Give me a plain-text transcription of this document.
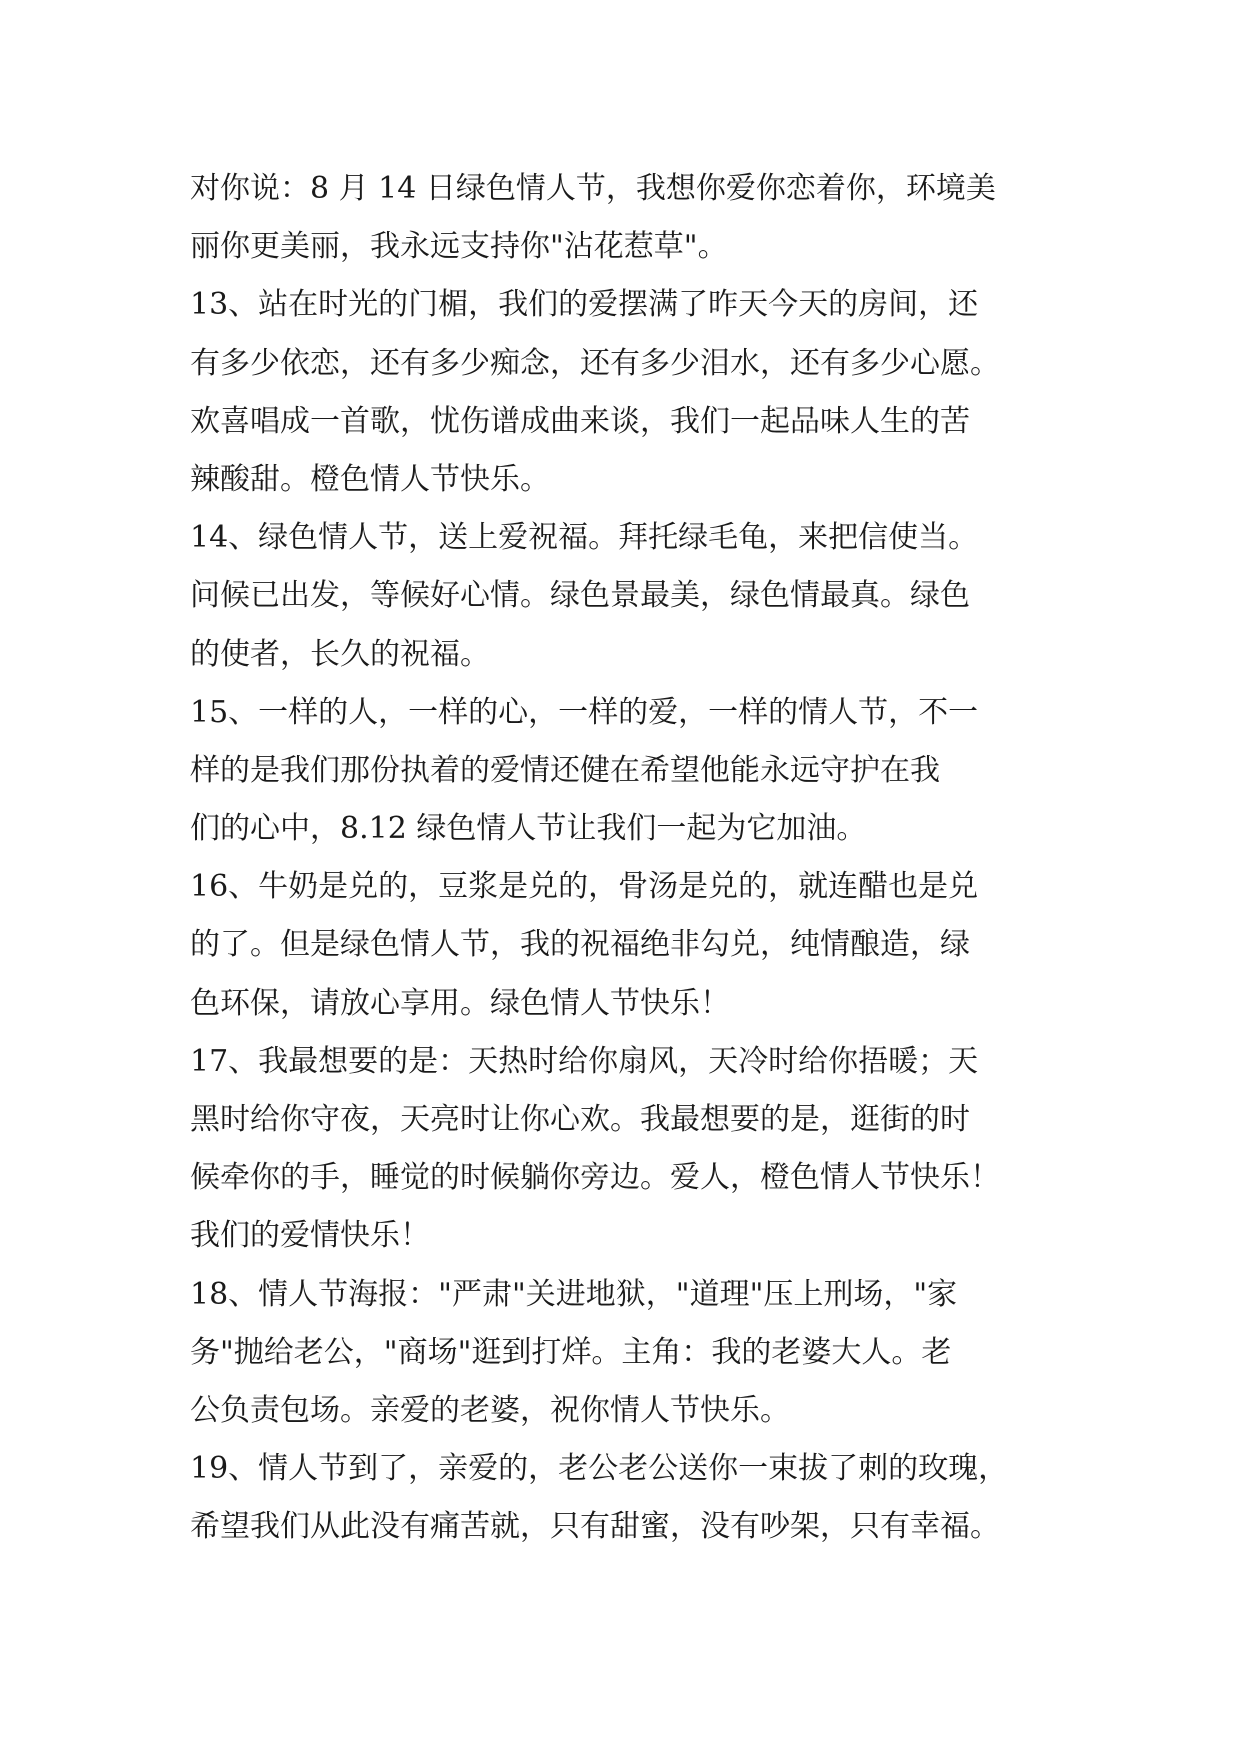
对你说：8 月 14 日绿色情人节，我想你爱你恋着你，环境美
丽你更美丽，我永远支持你"沾花惹草"。
13、站在时光的门楣，我们的爱摆满了昨天今天的房间，还
有多少依恋，还有多少痴念，还有多少泪水，还有多少心愿。
欢喜唱成一首歌，忧伤谱成曲来谈，我们一起品味人生的苦
辣酸甜。橙色情人节快乐。
14、绿色情人节，送上爱祝福。拜托绿毛龟，来把信使当。
问候已出发，等候好心情。绿色景最美，绿色情最真。绿色
的使者，长久的祝福。
15、一样的人，一样的心，一样的爱，一样的情人节，不一
样的是我们那份执着的爱情还健在希望他能永远守护在我
们的心中，8.12 绿色情人节让我们一起为它加油。
16、牛奶是兑的，豆浆是兑的，骨汤是兑的，就连醋也是兑
的了。但是绿色情人节，我的祝福绝非勾兑，纯情酿造，绿
色环保，请放心享用。绿色情人节快乐！
17、我最想要的是：天热时给你扇风，天冷时给你捂暖；天
黑时给你守夜，天亮时让你心欢。我最想要的是，逛街的时
候牵你的手，睡觉的时候躺你旁边。爱人，橙色情人节快乐！
我们的爱情快乐！
18、情人节海报："严肃"关进地狱，"道理"压上刑场，"家
务"抛给老公，"商场"逛到打烊。主角：我的老婆大人。老
公负责包场。亲爱的老婆，祝你情人节快乐。
19、情人节到了，亲爱的，老公老公送你一束拔了刺的玫瑰，
希望我们从此没有痛苦就，只有甜蜜，没有吵架，只有幸福。
